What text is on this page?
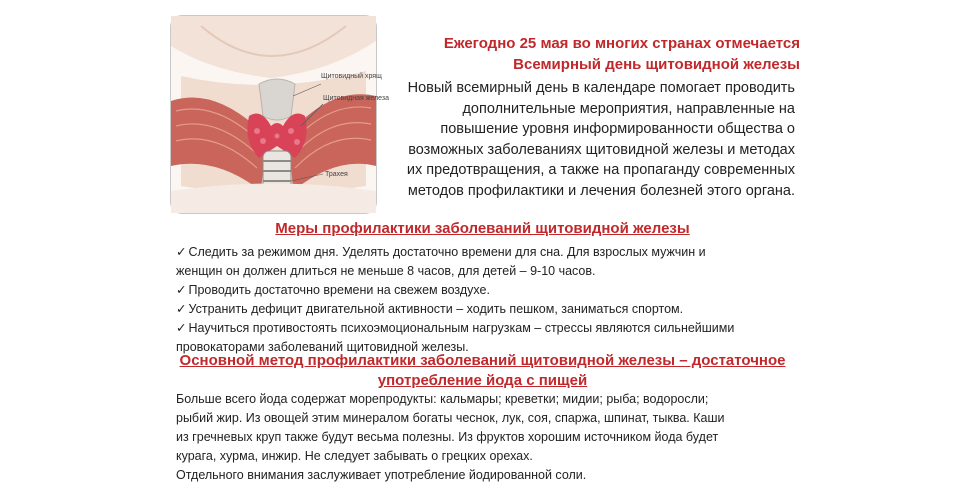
Щитовидный хрящ
Щитовидная железа
Трахея
Ежегодно 25 мая во многих странах отмечается
Всемирный день щитовидной железы
Новый всемирный день в календаре помогает проводить
дополнительные мероприятия, направленные на
повышение уровня информированности общества о
возможных заболеваниях щитовидной железы и методах
их предотвращения, а также на пропаганду современных
методов профилактики и лечения болезней этого органа.
Меры профилактики заболеваний щитовидной железы
✓ Следить за режимом дня. Уделять достаточно времени для сна. Для взрослых мужчин и
женщин он должен длиться не меньше 8 часов, для детей – 9-10 часов.
✓ Проводить достаточно времени на свежем воздухе.
✓ Устранить дефицит двигательной активности – ходить пешком, заниматься спортом.
✓ Научиться противостоять психоэмоциональным нагрузкам – стрессы являются сильнейшими
провокаторами заболеваний щитовидной железы.
Основной метод профилактики заболеваний щитовидной железы – достаточное
употребление йода с пищей

Больше всего йода содержат морепродукты: кальмары; креветки; мидии; рыба; водоросли;

рыбий жир. Из овощей этим минералом богаты чеснок, лук, соя, спаржа, шпинат, тыква. Каши

из гречневых круп также будут весьма полезны. Из фруктов хорошим источником йода будет

курага, хурма, инжир. Не следует забывать о грецких орехах.

Отдельного внимания заслуживает употребление йодированной соли.
